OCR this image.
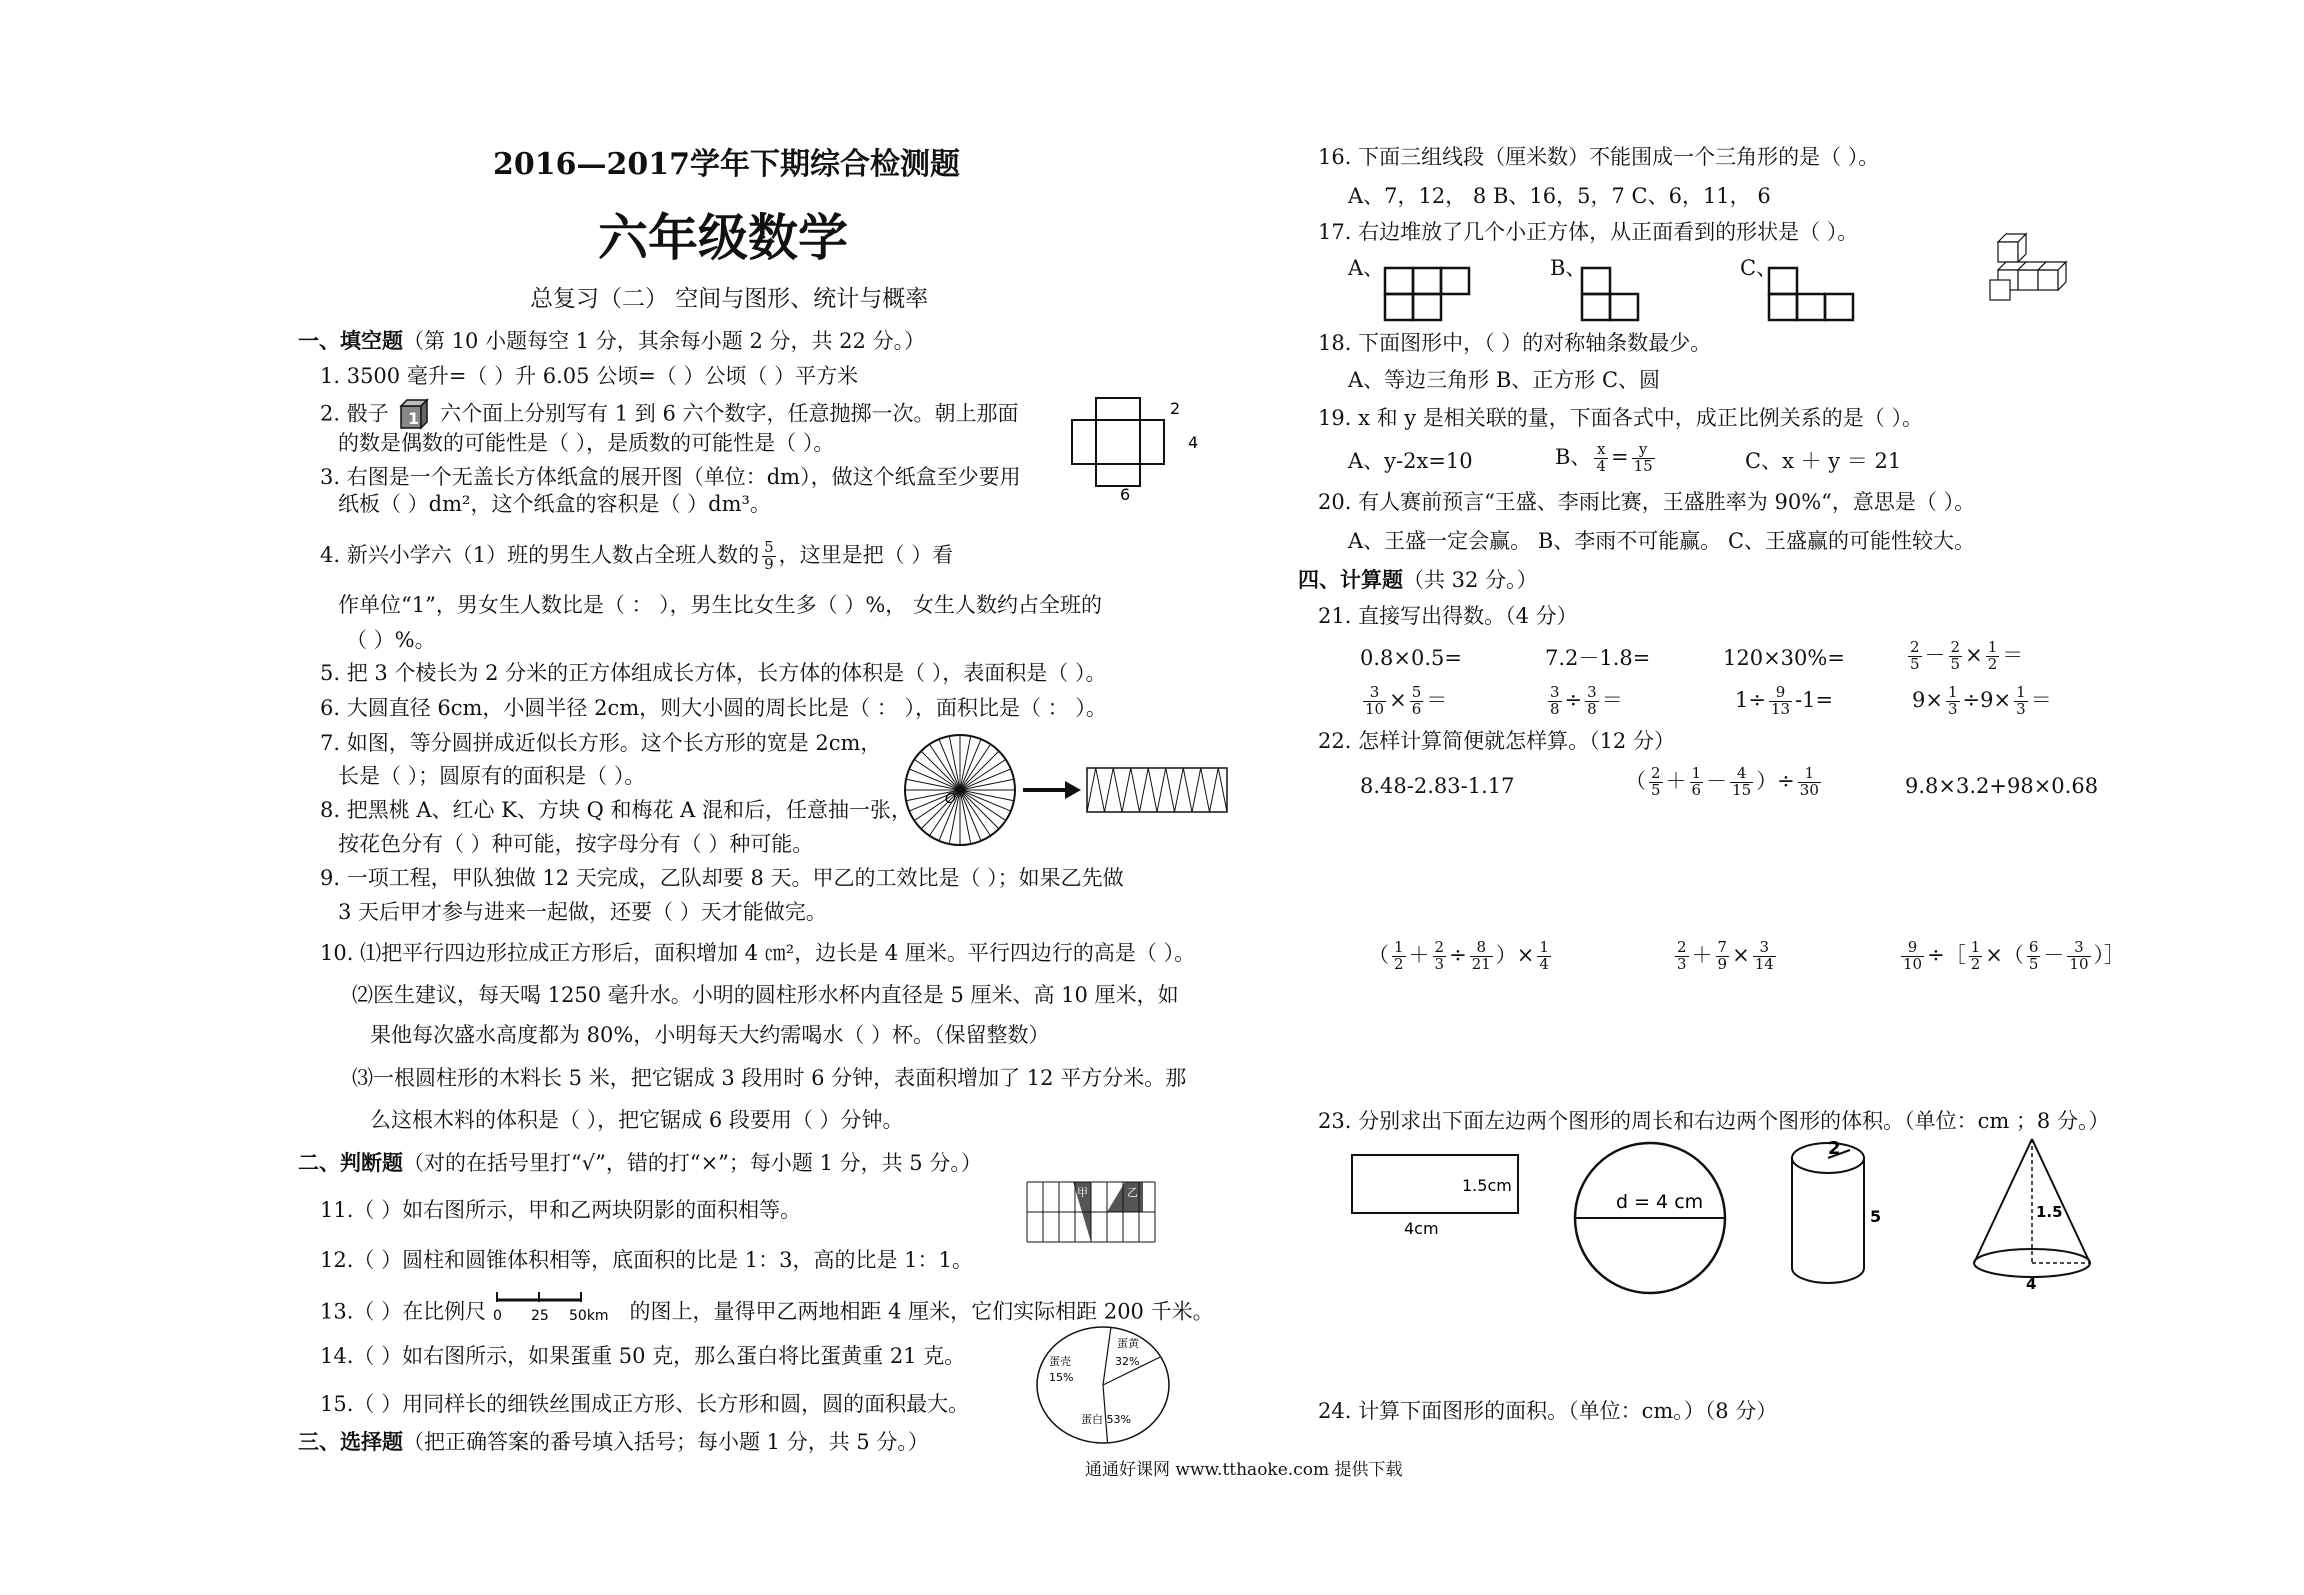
2016—2017学年下期综合检测题
六年级数学
总复习（二） 空间与图形、统计与概率
一、填空题（第 10 小题每空 1 分，其余每小题 2 分，共 22 分。）
1. 3500 毫升=（ ）升 6.05 公顷=（ ）公顷（ ）平方米
2. 骰子 1 六个面上分别写有 1 到 6 六个数字，任意抛掷一次。朝上那面
的数是偶数的可能性是（ ），是质数的可能性是（ ）。
3. 右图是一个无盖长方体纸盒的展开图（单位：dm），做这个纸盒至少要用
纸板（ ）dm²，这个纸盒的容积是（ ）dm³。
2
4
6
4. 新兴小学六（1）班的男生人数占全班人数的 $\frac{5}{9}$ ，这里是把（ ）看
作单位“1”，男女生人数比是（ ： ），男生比女生多（ ）%， 女生人数约占全班的
（ ）%。
5. 把 3 个棱长为 2 分米的正方体组成长方体，长方体的体积是（ ），表面积是（ ）。
6. 大圆直径 6cm，小圆半径 2cm，则大小圆的周长比是（ ： ），面积比是（ ： ）。
7. 如图，等分圆拼成近似长方形。这个长方形的宽是 2cm，
长是（ ）；圆原有的面积是（ ）。
O
8. 把黑桃 A、红心 K、方块 Q 和梅花 A 混和后，任意抽一张，
按花色分有（ ）种可能，按字母分有（ ）种可能。
9. 一项工程，甲队独做 12 天完成，乙队却要 8 天。甲乙的工效比是（ ）；如果乙先做
3 天后甲才参与进来一起做，还要（ ）天才能做完。
10. ⑴把平行四边形拉成正方形后，面积增加 4 ㎝²，边长是 4 厘米。平行四边行的高是（ ）。
⑵医生建议，每天喝 1250 毫升水。小明的圆柱形水杯内直径是 5 厘米、高 10 厘米，如
果他每次盛水高度都为 80%，小明每天大约需喝水（ ）杯。（保留整数）
⑶一根圆柱形的木料长 5 米，把它锯成 3 段用时 6 分钟，表面积增加了 12 平方分米。那
么这根木料的体积是（ ），把它锯成 6 段要用（ ）分钟。
二、判断题（对的在括号里打“√”，错的打“×”；每小题 1 分，共 5 分。）
11.（ ）如右图所示，甲和乙两块阴影的面积相等。
甲	乙
12.（ ）圆柱和圆锥体积相等，底面积的比是 1：3，高的比是 1：1。
13.（ ）在比例尺 0 25 50km 的图上，量得甲乙两地相距 4 厘米，它们实际相距 200 千米。
14.（ ）如右图所示，如果蛋重 50 克，那么蛋白将比蛋黄重 21 克。	蛋壳
15%
蛋黄
32%
蛋白 53%
15.（ ）用同样长的细铁丝围成正方形、长方形和圆，圆的面积最大。
三、选择题（把正确答案的番号填入括号；每小题 1 分，共 5 分。）
16. 下面三组线段（厘米数）不能围成一个三角形的是（ ）。
A、7，12， 8 B、16，5，7 C、6，11， 6
17. 右边堆放了几个小正方体，从正面看到的形状是（ ）。
A、	B、	C、
18. 下面图形中，（ ）的对称轴条数最少。
A、等边三角形 B、正方形 C、圆
19. x 和 y 是相关联的量，下面各式中，成正比例关系的是（ ）。
A、y-2x=10	B、 $\frac{x}{4} = \frac{y}{15}$	C、x ＋ y ＝ 21
20. 有人赛前预言“王盛、李雨比赛，王盛胜率为 90%“，意思是（ ）。
A、王盛一定会赢。 B、李雨不可能赢。 C、王盛赢的可能性较大。
四、计算题（共 32 分。）
21. 直接写出得数。（4 分）
0.8×0.5=	7.2－1.8=	120×30%=	$\frac{2}{5} - \frac{2}{5} \times \frac{1}{2}$ ＝
$\frac{3}{10} \times \frac{5}{6}$ ＝	$\frac{3}{8} \div \frac{3}{8}$ ＝	$1\div \frac{9}{13} -1=$	$9\times \frac{1}{3} \div 9\times \frac{1}{3}$ ＝
22. 怎样计算简便就怎样算。（12 分）
8.48-2.83-1.17	（ $\frac{2}{5} + \frac{1}{6} - \frac{4}{15}$ ）÷ $\frac{1}{30}$	9.8×3.2+98×0.68
（ $\frac{1}{2} + \frac{2}{3} \div \frac{8}{21}$ ）× $\frac{1}{4}$	$\frac{2}{3} + \frac{7}{9} \times \frac{3}{14}$	$\frac{9}{10}$ ÷［ $\frac{1}{2}$ ×（ $\frac{6}{5} - \frac{3}{10}$ ）］
23. 分别求出下面左边两个图形的周长和右边两个图形的体积。（单位：cm ；8 分。）
1.5cm
4cm
d = 4 cm
2
5	1.5
4
24. 计算下面图形的面积。（单位：cm。）（8 分）
通通好课网 www.tthaoke.com 提供下载
